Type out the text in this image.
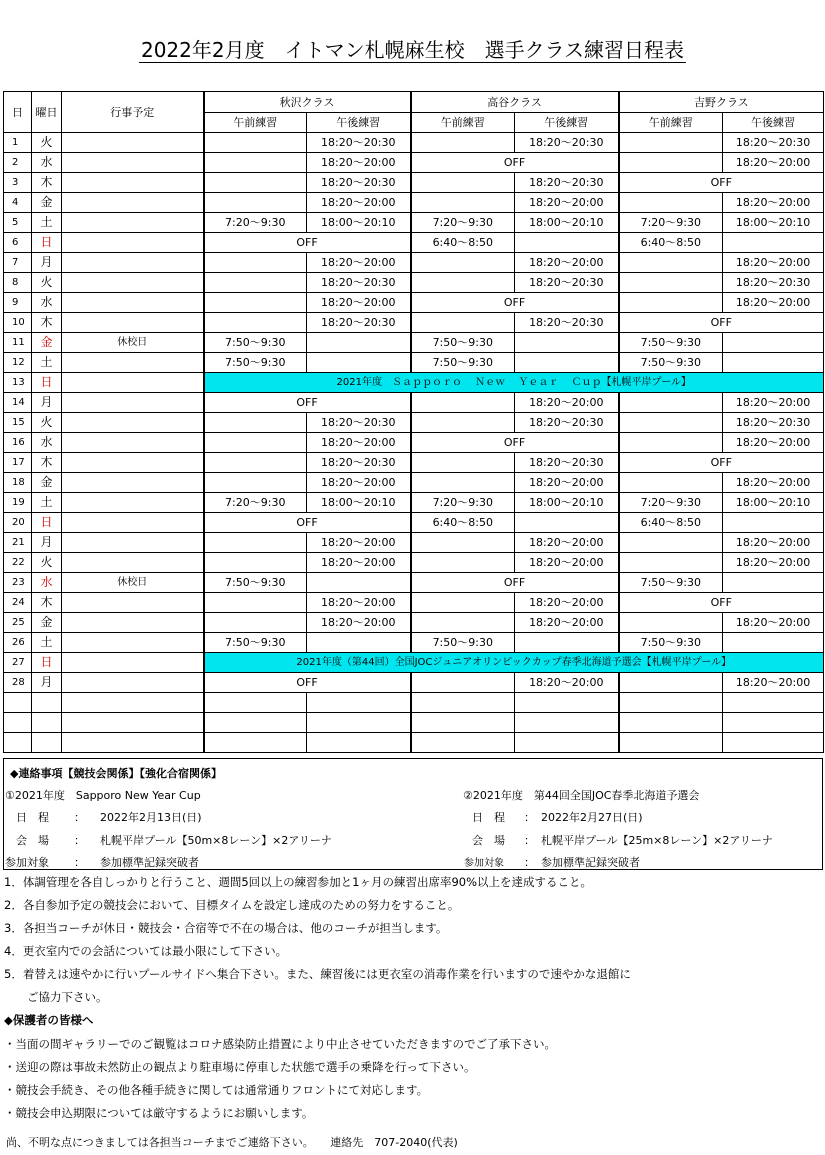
2022年2月度　イトマン札幌麻生校　選手クラス練習日程表
日	曜日	行事予定	秋沢クラス		高谷クラス		吉野クラス	
			午前練習	午後練習	午前練習	午後練習	午前練習	午後練習
1	火			18:20～20:30		18:20～20:30		18:20～20:30
2	水			18:20～20:00	OFF			18:20～20:00
3	木			18:20～20:30		18:20～20:30	OFF	
4	金			18:20～20:00		18:20～20:00		18:20～20:00
5	土		7:20～9:30	18:00～20:10	7:20～9:30	18:00～20:10	7:20～9:30	18:00～20:10
6	日		OFF		6:40～8:50		6:40～8:50	
7	月			18:20～20:00		18:20～20:00		18:20～20:00
8	火			18:20～20:30		18:20～20:30		18:20～20:30
9	水			18:20～20:00	OFF			18:20～20:00
10	木			18:20～20:30		18:20～20:30	OFF	
11	金	休校日	7:50～9:30		7:50～9:30		7:50～9:30	
12	土		7:50～9:30		7:50～9:30		7:50～9:30	
13	日		2021年度　Ｓａｐｐｏｒｏ　 Ｎｅｗ 　Ｙｅａｒ 　Ｃｕｐ【札幌平岸プール】					
14	月		OFF			18:20～20:00		18:20～20:00
15	火			18:20～20:30		18:20～20:30		18:20～20:30
16	水			18:20～20:00	OFF			18:20～20:00
17	木			18:20～20:30		18:20～20:30	OFF	
18	金			18:20～20:00		18:20～20:00		18:20～20:00
19	土		7:20～9:30	18:00～20:10	7:20～9:30	18:00～20:10	7:20～9:30	18:00～20:10
20	日		OFF		6:40～8:50		6:40～8:50	
21	月			18:20～20:00		18:20～20:00		18:20～20:00
22	火			18:20～20:00		18:20～20:00		18:20～20:00
23	水	休校日	7:50～9:30		OFF		7:50～9:30	
24	木			18:20～20:00		18:20～20:00	OFF	
25	金			18:20～20:00		18:20～20:00		18:20～20:00
26	土		7:50～9:30		7:50～9:30		7:50～9:30	
27	日		2021年度（第44回）全国JOCジュニアオリンピックカップ春季北海道予選会【札幌平岸プール】					
28	月		OFF			18:20～20:00		18:20～20:00

◆連絡事項【競技会関係】【強化合宿関係】
①2021年度　Sapporo New Year Cup
日　程 ： 2022年2月13日(日)
会　場 ： 札幌平岸プール【50m×8レーン】×2アリーナ
参加対象 ： 参加標準記録突破者
②2021年度　第44回全国JOC春季北海道予選会
日　程 ： 2022年2月27日(日)
会　場 ： 札幌平岸プール【25m×8レーン】×2アリーナ
参加対象 ： 参加標準記録突破者
1．体調管理を各自しっかりと行うこと、週間5回以上の練習参加と1ヶ月の練習出席率90%以上を達成すること。
2．各自参加予定の競技会において、目標タイムを設定し達成のための努力をすること。
3．各担当コーチが休日・競技会・合宿等で不在の場合は、他のコーチが担当します。
4．更衣室内での会話については最小限にして下さい。
5．着替えは速やかに行いプールサイドへ集合下さい。また、練習後には更衣室の消毒作業を行いますので速やかな退館に
　　ご協力下さい。
◆保護者の皆様へ
・当面の間ギャラリーでのご観覧はコロナ感染防止措置により中止させていただきますのでご了承下さい。
・送迎の際は事故未然防止の観点より駐車場に停車した状態で選手の乗降を行って下さい。
・競技会手続き、その他各種手続きに関しては通常通りフロントにて対応します。
・競技会申込期限については厳守するようにお願いします。
尚、不明な点につきましては各担当コーチまでご連絡下さい。　　連絡先　707-2040(代表)
